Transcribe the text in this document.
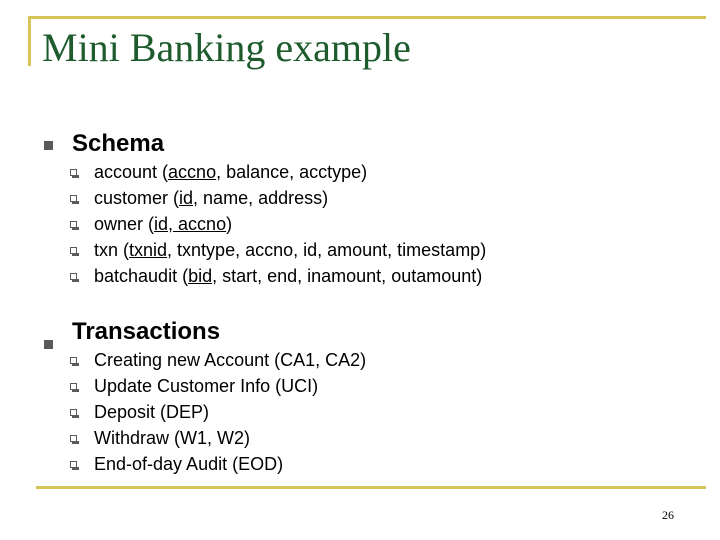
Mini Banking example
Schema
account (accno, balance, acctype)
customer (id, name, address)
owner (id, accno)
txn (txnid, txntype, accno, id, amount, timestamp)
batchaudit (bid, start, end, inamount, outamount)
Transactions
Creating new Account (CA1, CA2)
Update Customer Info (UCI)
Deposit (DEP)
Withdraw (W1, W2)
End-of-day Audit (EOD)
26
